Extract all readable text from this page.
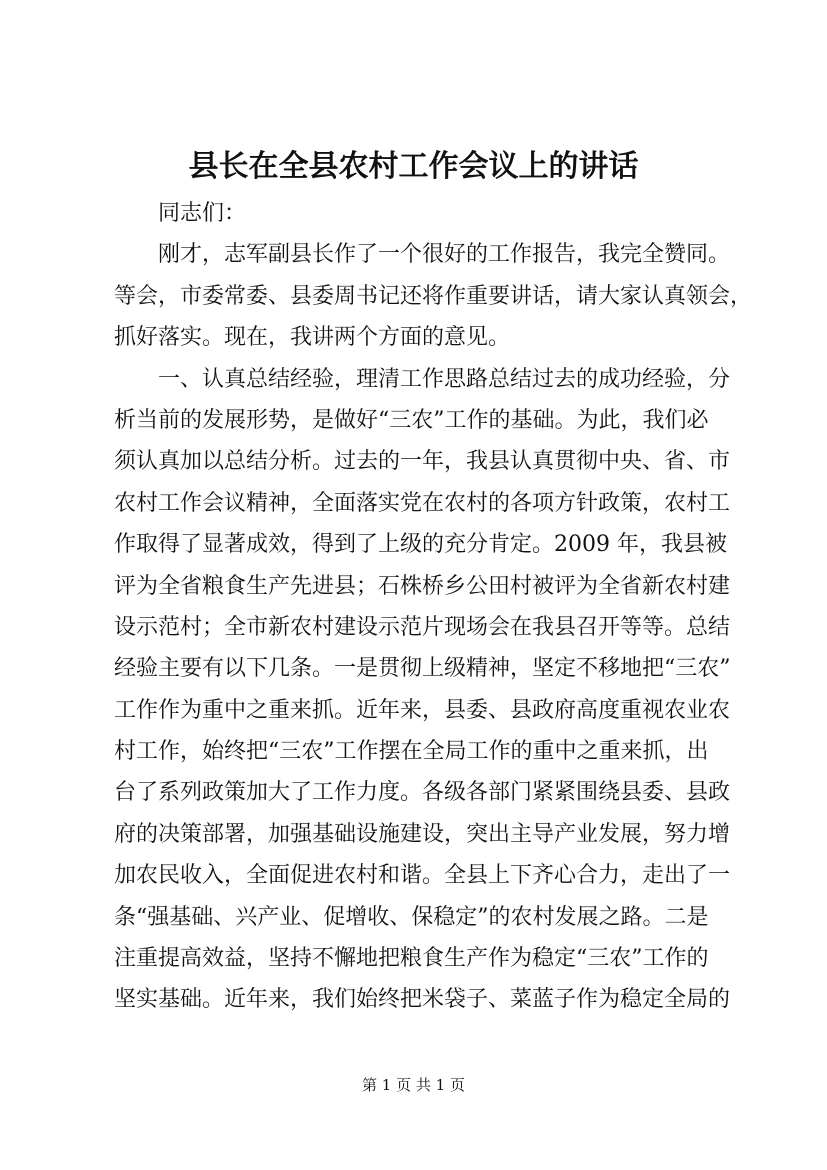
县长在全县农村工作会议上的讲话
同志们：
刚才，志军副县长作了一个很好的工作报告，我完全赞同。
等会，市委常委、县委周书记还将作重要讲话，请大家认真领会，
抓好落实。现在，我讲两个方面的意见。
一、认真总结经验，理清工作思路总结过去的成功经验，分
析当前的发展形势，是做好“三农”工作的基础。为此，我们必
须认真加以总结分析。过去的一年，我县认真贯彻中央、省、市
农村工作会议精神，全面落实党在农村的各项方针政策，农村工
作取得了显著成效，得到了上级的充分肯定。2009 年，我县被
评为全省粮食生产先进县；石株桥乡公田村被评为全省新农村建
设示范村；全市新农村建设示范片现场会在我县召开等等。总结
经验主要有以下几条。一是贯彻上级精神，坚定不移地把“三农”
工作作为重中之重来抓。近年来，县委、县政府高度重视农业农
村工作，始终把“三农”工作摆在全局工作的重中之重来抓，出
台了系列政策加大了工作力度。各级各部门紧紧围绕县委、县政
府的决策部署，加强基础设施建设，突出主导产业发展，努力增
加农民收入，全面促进农村和谐。全县上下齐心合力，走出了一
条“强基础、兴产业、促增收、保稳定”的农村发展之路。二是
注重提高效益，坚持不懈地把粮食生产作为稳定“三农”工作的
坚实基础。近年来，我们始终把米袋子、菜蓝子作为稳定全局的
第 1 页 共 1 页
